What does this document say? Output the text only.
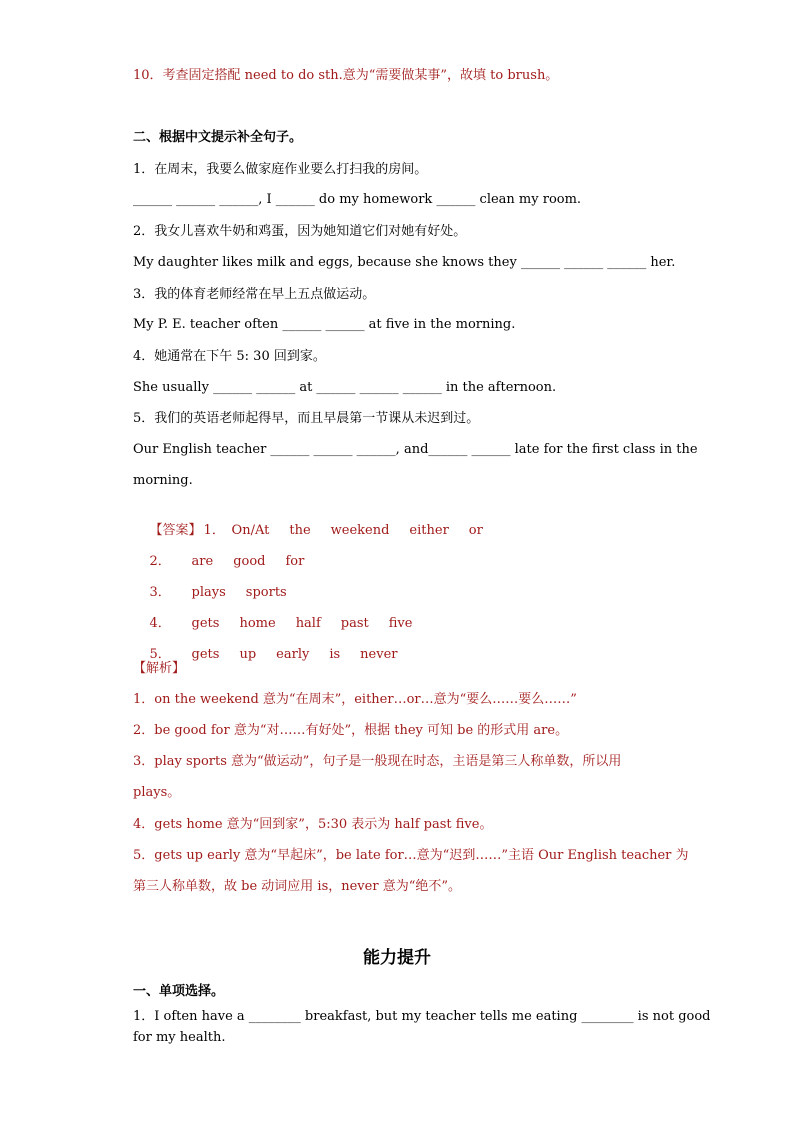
10．考查固定搭配 need to do sth.意为“需要做某事”，故填 to brush。
二、根据中文提示补全句子。
1．在周末，我要么做家庭作业要么打扫我的房间。
______ ______ ______, I ______ do my homework ______ clean my room.
2．我女儿喜欢牛奶和鸡蛋，因为她知道它们对她有好处。
My daughter likes milk and eggs, because she knows they ______ ______ ______ her.
3．我的体育老师经常在早上五点做运动。
My P. E. teacher often ______ ______ at five in the morning.
4．她通常在下午 5: 30 回到家。
She usually ______ ______ at ______ ______ ______ in the afternoon.
5．我们的英语老师起得早，而且早晨第一节课从未迟到过。
Our English teacher ______ ______ ______, and______ ______ late for the first class in the
morning.

【答案】 1． On/At the weekend either or

2． are good for

3． plays sports

4． gets home half past five

5． gets up early is never

【解析】
1．on the weekend 意为“在周末”，either…or…意为“要么……要么……”
2．be good for 意为“对……有好处”，根据 they 可知 be 的形式用 are。
3．play sports 意为“做运动”，句子是一般现在时态，主语是第三人称单数，所以用
plays。
4．gets home 意为“回到家”，5:30 表示为 half past five。
5．gets up early 意为“早起床”，be late for…意为“迟到……”主语 Our English teacher 为
第三人称单数，故 be 动词应用 is，never 意为“绝不”。
能力提升
一、单项选择。
1．I often have a ________ breakfast, but my teacher tells me eating ________ is not good
for my health.
